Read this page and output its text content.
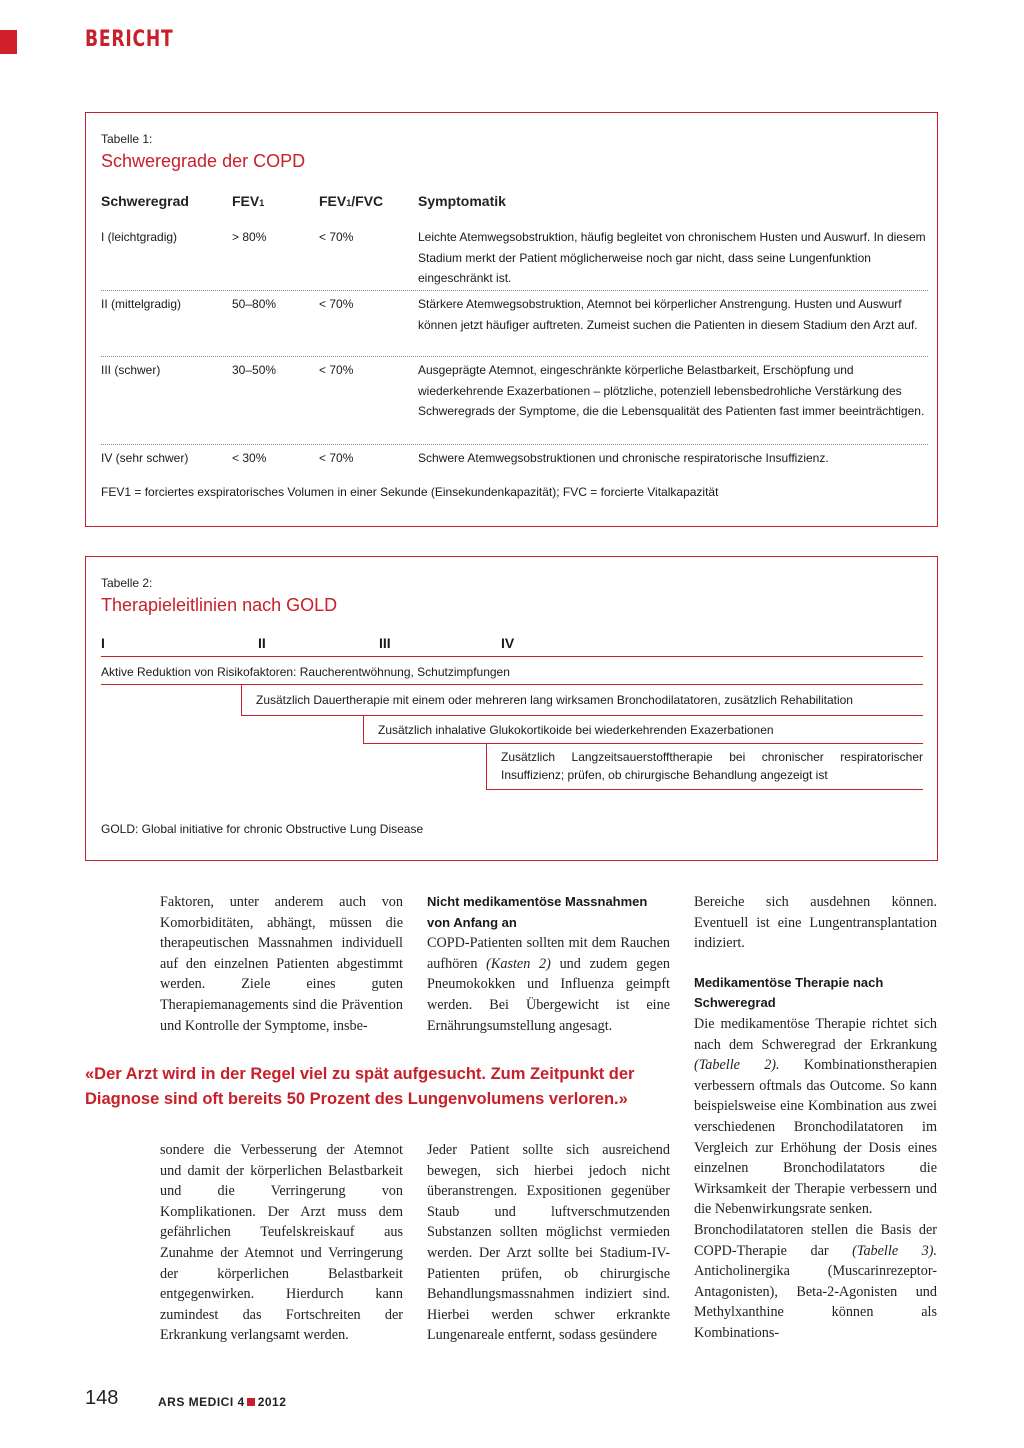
BERICHT
Tabelle 1:
Schweregrade der COPD
Schweregrad	FEV1	FEV1/FVC Symptomatik
I (leichtgradig)	> 80%	< 70%	Leichte Atemwegsobstruktion, häufig begleitet von chronischem Husten und Auswurf. In diesem Stadium merkt der Patient möglicherweise noch gar nicht, dass seine Lungenfunktion eingeschränkt ist.
II (mittelgradig)	50–80%	< 70%	Stärkere Atemwegsobstruktion, Atemnot bei körperlicher Anstrengung. Husten und Auswurf können jetzt häufiger auftreten. Zumeist suchen die Patienten in diesem Stadium den Arzt auf.
III (schwer)	30–50%	< 70%	Ausgeprägte Atemnot, eingeschränkte körperliche Belastbarkeit, Erschöpfung und wiederkehrende Exazerbationen – plötzliche, potenziell lebensbedrohliche Verstärkung des Schweregrads der Symptome, die die Lebensqualität des Patienten fast immer beeinträchtigen.
IV (sehr schwer)	< 30%	< 70%	Schwere Atemwegsobstruktionen und chronische respiratorische Insuffizienz.
FEV1 = forciertes exspiratorisches Volumen in einer Sekunde (Einsekundenkapazität); FVC = forcierte Vitalkapazität
Tabelle 2:
Therapieleitlinien nach GOLD
I	II	III	IV
Aktive Reduktion von Risikofaktoren: Raucherentwöhnung, Schutzimpfungen
Zusätzlich Dauertherapie mit einem oder mehreren lang wirksamen Bronchodilatatoren, zusätzlich Rehabilitation
Zusätzlich inhalative Glukokortikoide bei wiederkehrenden Exazerbationen
Zusätzlich Langzeitsauerstofftherapie bei chronischer respiratorischer Insuffizienz; prüfen, ob chirurgische Behandlung angezeigt ist
GOLD: Global initiative for chronic Obstructive Lung Disease

Faktoren, unter anderem auch von Komorbiditäten, abhängt, müssen die therapeutischen Massnahmen individuell auf den einzelnen Patienten abgestimmt werden. Ziele eines guten Therapiemanagements sind die Prävention und Kontrolle der Symptome, insbe-

Nicht medikamentöse Massnahmen von Anfang an

COPD-Patienten sollten mit dem Rauchen aufhören (Kasten 2) und zudem gegen Pneumokokken und Influenza geimpft werden. Bei Übergewicht ist eine Ernährungsumstellung angesagt.

Bereiche sich ausdehnen können. Eventuell ist eine Lungentransplantation indiziert.

Medikamentöse Therapie nach Schweregrad

Die medikamentöse Therapie richtet sich nach dem Schweregrad der Erkrankung (Tabelle 2). Kombinationstherapien verbessern oftmals das Outcome. So kann beispielsweise eine Kombination aus zwei verschiedenen Bronchodilatatoren im Vergleich zur Erhöhung der Dosis eines einzelnen Bronchodilatators die Wirksamkeit der Therapie verbessern und die Nebenwirkungsrate senken.

Bronchodilatatoren stellen die Basis der COPD-Therapie dar (Tabelle 3). Anticholinergika (Muscarinrezeptor-Antagonisten), Beta-2-Agonisten und Methylxanthine können als Kombinations-

«Der Arzt wird in der Regel viel zu spät aufgesucht. Zum Zeitpunkt der Diagnose sind oft bereits 50 Prozent des Lungenvolumens verloren.»

sondere die Verbesserung der Atemnot und damit der körperlichen Belastbarkeit und die Verringerung von Komplikationen. Der Arzt muss dem gefährlichen Teufelskreiskauf aus Zunahme der Atemnot und Verringerung der körperlichen Belastbarkeit entgegenwirken. Hierdurch kann zumindest das Fortschreiten der Erkrankung verlangsamt werden.

Jeder Patient sollte sich ausreichend bewegen, sich hierbei jedoch nicht überanstrengen. Expositionen gegenüber Staub und luftverschmutzenden Substanzen sollten möglichst vermieden werden. Der Arzt sollte bei Stadium-IV-Patienten prüfen, ob chirurgische Behandlungsmassnahmen indiziert sind. Hierbei werden schwer erkrankte Lungenareale entfernt, sodass gesündere

148	ARS MEDICI 4 2012
